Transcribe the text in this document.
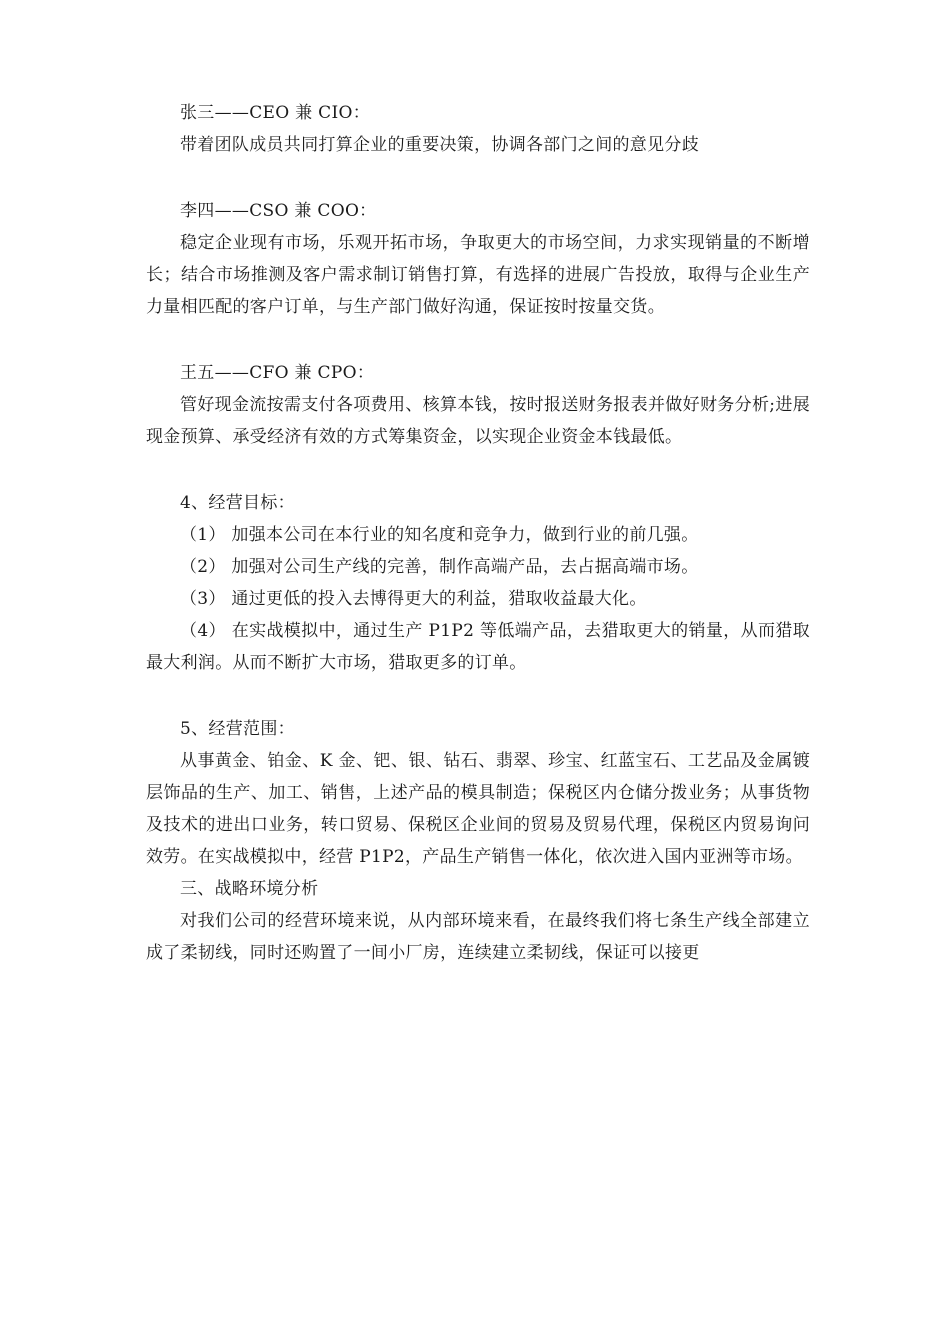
张三——CEO 兼 CIO：

带着团队成员共同打算企业的重要决策，协调各部门之间的意见分歧

李四——CSO 兼 COO：

稳定企业现有市场，乐观开拓市场，争取更大的市场空间，力求实现销量的不断增长；结合市场推测及客户需求制订销售打算，有选择的进展广告投放，取得与企业生产力量相匹配的客户订单，与生产部门做好沟通，保证按时按量交货。

王五——CFO 兼 CPO：

管好现金流按需支付各项费用、核算本钱，按时报送财务报表并做好财务分析;进展现金预算、承受经济有效的方式筹集资金，以实现企业资金本钱最低。

4、经营目标：

（1） 加强本公司在本行业的知名度和竞争力，做到行业的前几强。

（2） 加强对公司生产线的完善，制作高端产品，去占据高端市场。

（3） 通过更低的投入去博得更大的利益，猎取收益最大化。

（4） 在实战模拟中，通过生产 P1P2 等低端产品，去猎取更大的销量，从而猎取最大利润。从而不断扩大市场，猎取更多的订单。

5、经营范围：

从事黄金、铂金、K 金、钯、银、钻石、翡翠、珍宝、红蓝宝石、工艺品及金属镀层饰品的生产、加工、销售，上述产品的模具制造；保税区内仓储分拨业务；从事货物及技术的进出口业务，转口贸易、保税区企业间的贸易及贸易代理，保税区内贸易询问效劳。在实战模拟中，经营 P1P2，产品生产销售一体化，依次进入国内亚洲等市场。

三、战略环境分析

对我们公司的经营环境来说，从内部环境来看，在最终我们将七条生产线全部建立成了柔韧线，同时还购置了一间小厂房，连续建立柔韧线，保证可以接更
